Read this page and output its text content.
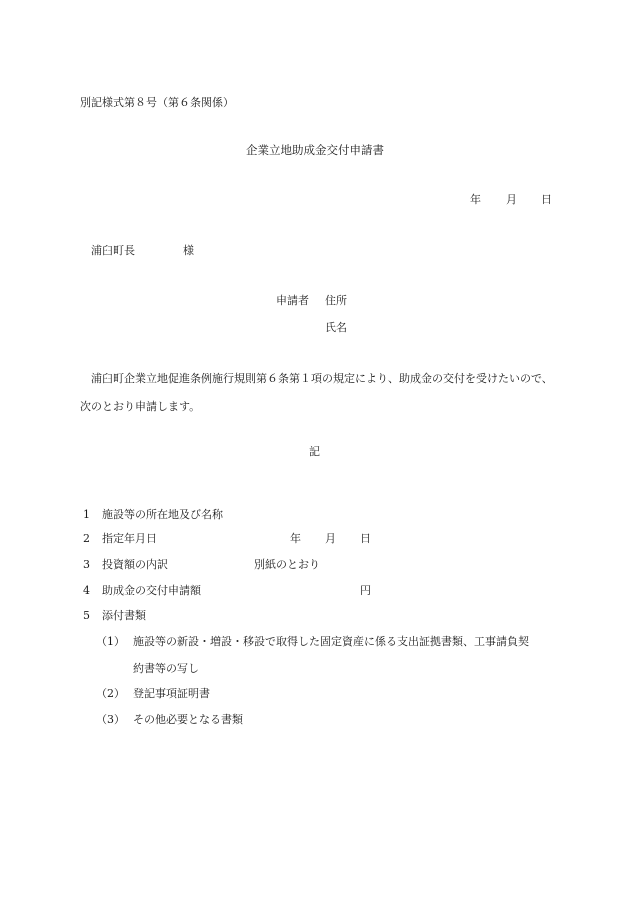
別記様式第８号（第６条関係）
企業立地助成金交付申請書
年 月 日
浦臼町長	様
申請者 住所
氏名
浦臼町企業立地促進条例施行規則第６条第１項の規定により、助成金の交付を受けたいので、次のとおり申請します。
記
1 施設等の所在地及び名称
2 指定年月日	年 月 日
3 投資額の内訳	別紙のとおり
4 助成金の交付申請額	円
5 添付書類
（1） 施設等の新設・増設・移設で取得した固定資産に係る支出証拠書類、工事請負契
約書等の写し
（2） 登記事項証明書
（3） その他必要となる書類
